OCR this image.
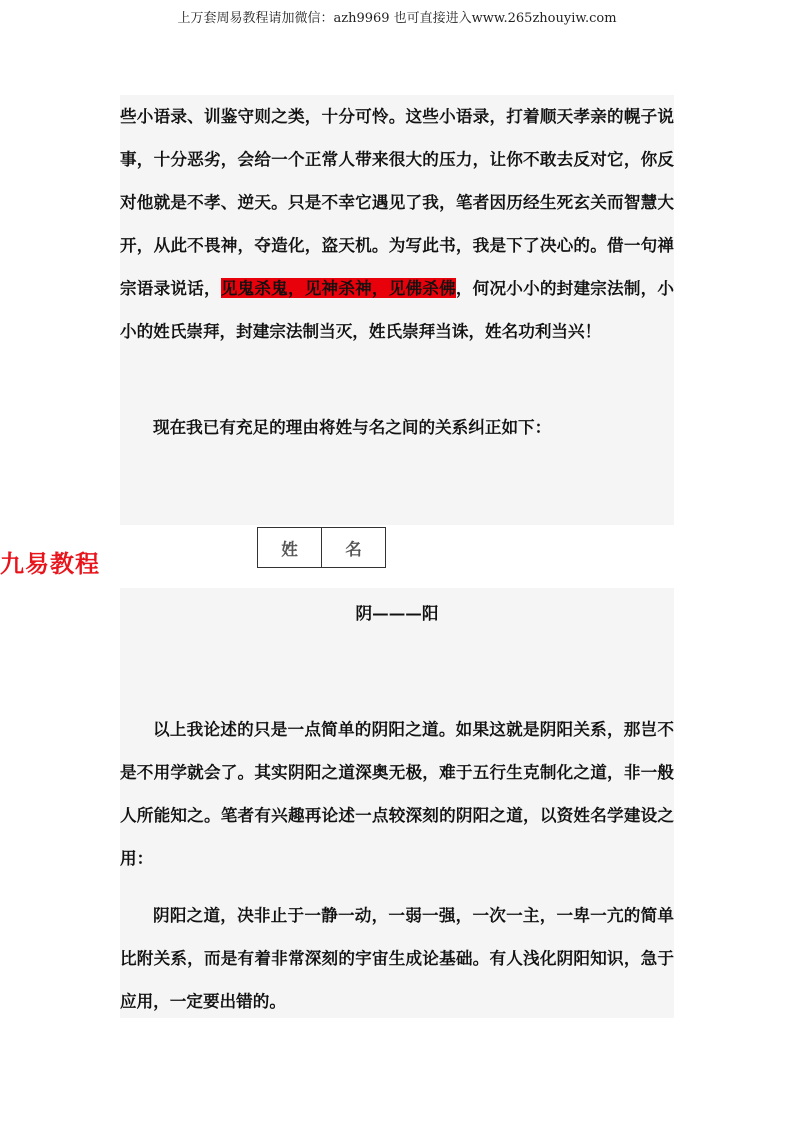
上万套周易教程请加微信：azh9969 也可直接进入www.265zhouyiw.com
些小语录、训鉴守则之类，十分可怜。这些小语录，打着顺天孝亲的幌子说事，十分恶劣，会给一个正常人带来很大的压力，让你不敢去反对它，你反对他就是不孝、逆天。只是不幸它遇见了我，笔者因历经生死玄关而智慧大开，从此不畏神，夺造化，盗天机。为写此书，我是下了决心的。借一句禅宗语录说话，见鬼杀鬼，见神杀神，见佛杀佛，何况小小的封建宗法制，小小的姓氏崇拜，封建宗法制当灭，姓氏崇拜当诛，姓名功利当兴！
现在我已有充足的理由将姓与名之间的关系纠正如下：
九易教程
姓	名
阴———阳
以上我论述的只是一点简单的阴阳之道。如果这就是阴阳关系，那岂不是不用学就会了。其实阴阳之道深奥无极，难于五行生克制化之道，非一般人所能知之。笔者有兴趣再论述一点较深刻的阴阳之道，以资姓名学建设之用：
阴阳之道，决非止于一静一动，一弱一强，一次一主，一卑一亢的简单比附关系，而是有着非常深刻的宇宙生成论基础。有人浅化阴阳知识，急于应用，一定要出错的。
